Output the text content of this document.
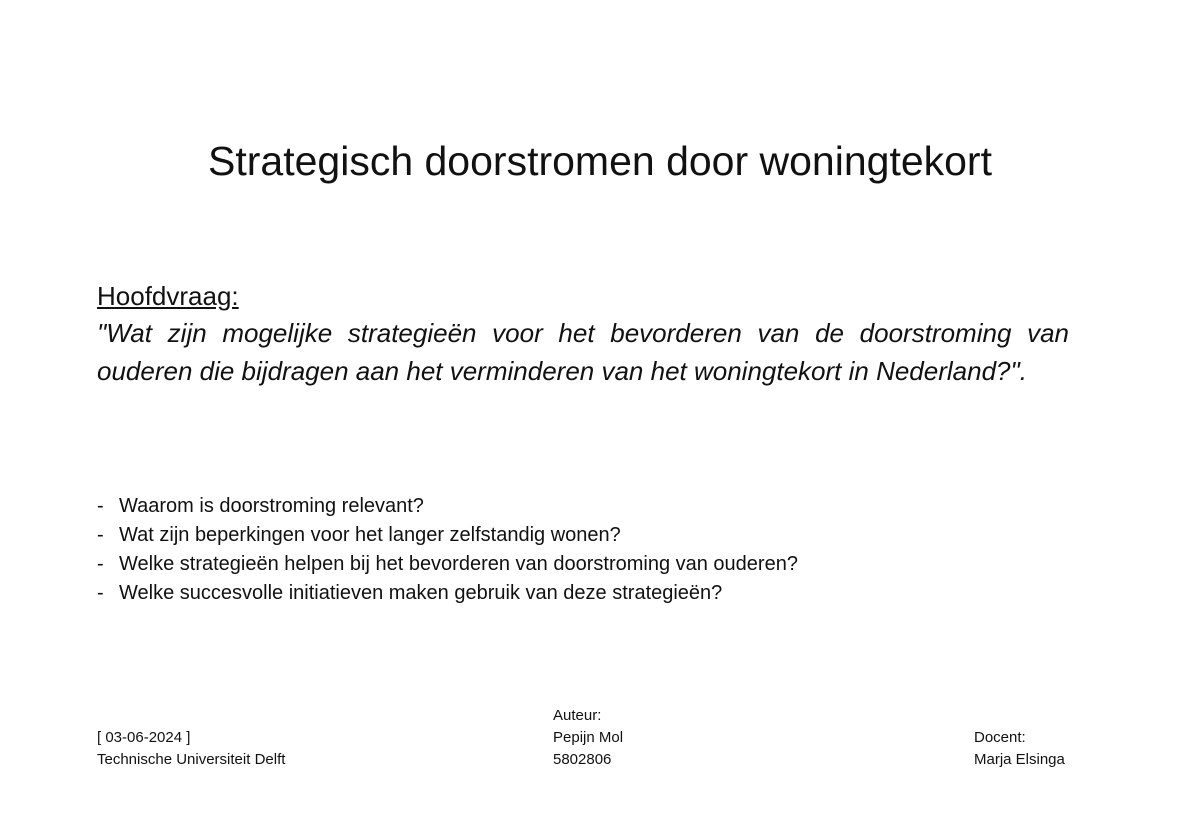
Strategisch doorstromen door woningtekort
Hoofdvraag:

"Wat zijn mogelijke strategieën voor het bevorderen van de doorstroming van ouderen die bijdragen aan het verminderen van het woningtekort in Nederland?".

- Waarom is doorstroming relevant?
- Wat zijn beperkingen voor het langer zelfstandig wonen?
- Welke strategieën helpen bij het bevorderen van doorstroming van ouderen?
- Welke succesvolle initiatieven maken gebruik van deze strategieën?
[ 03-06-2024 ]
Technische Universiteit Delft
Auteur:
Pepijn Mol
5802806
Docent:
Marja Elsinga
